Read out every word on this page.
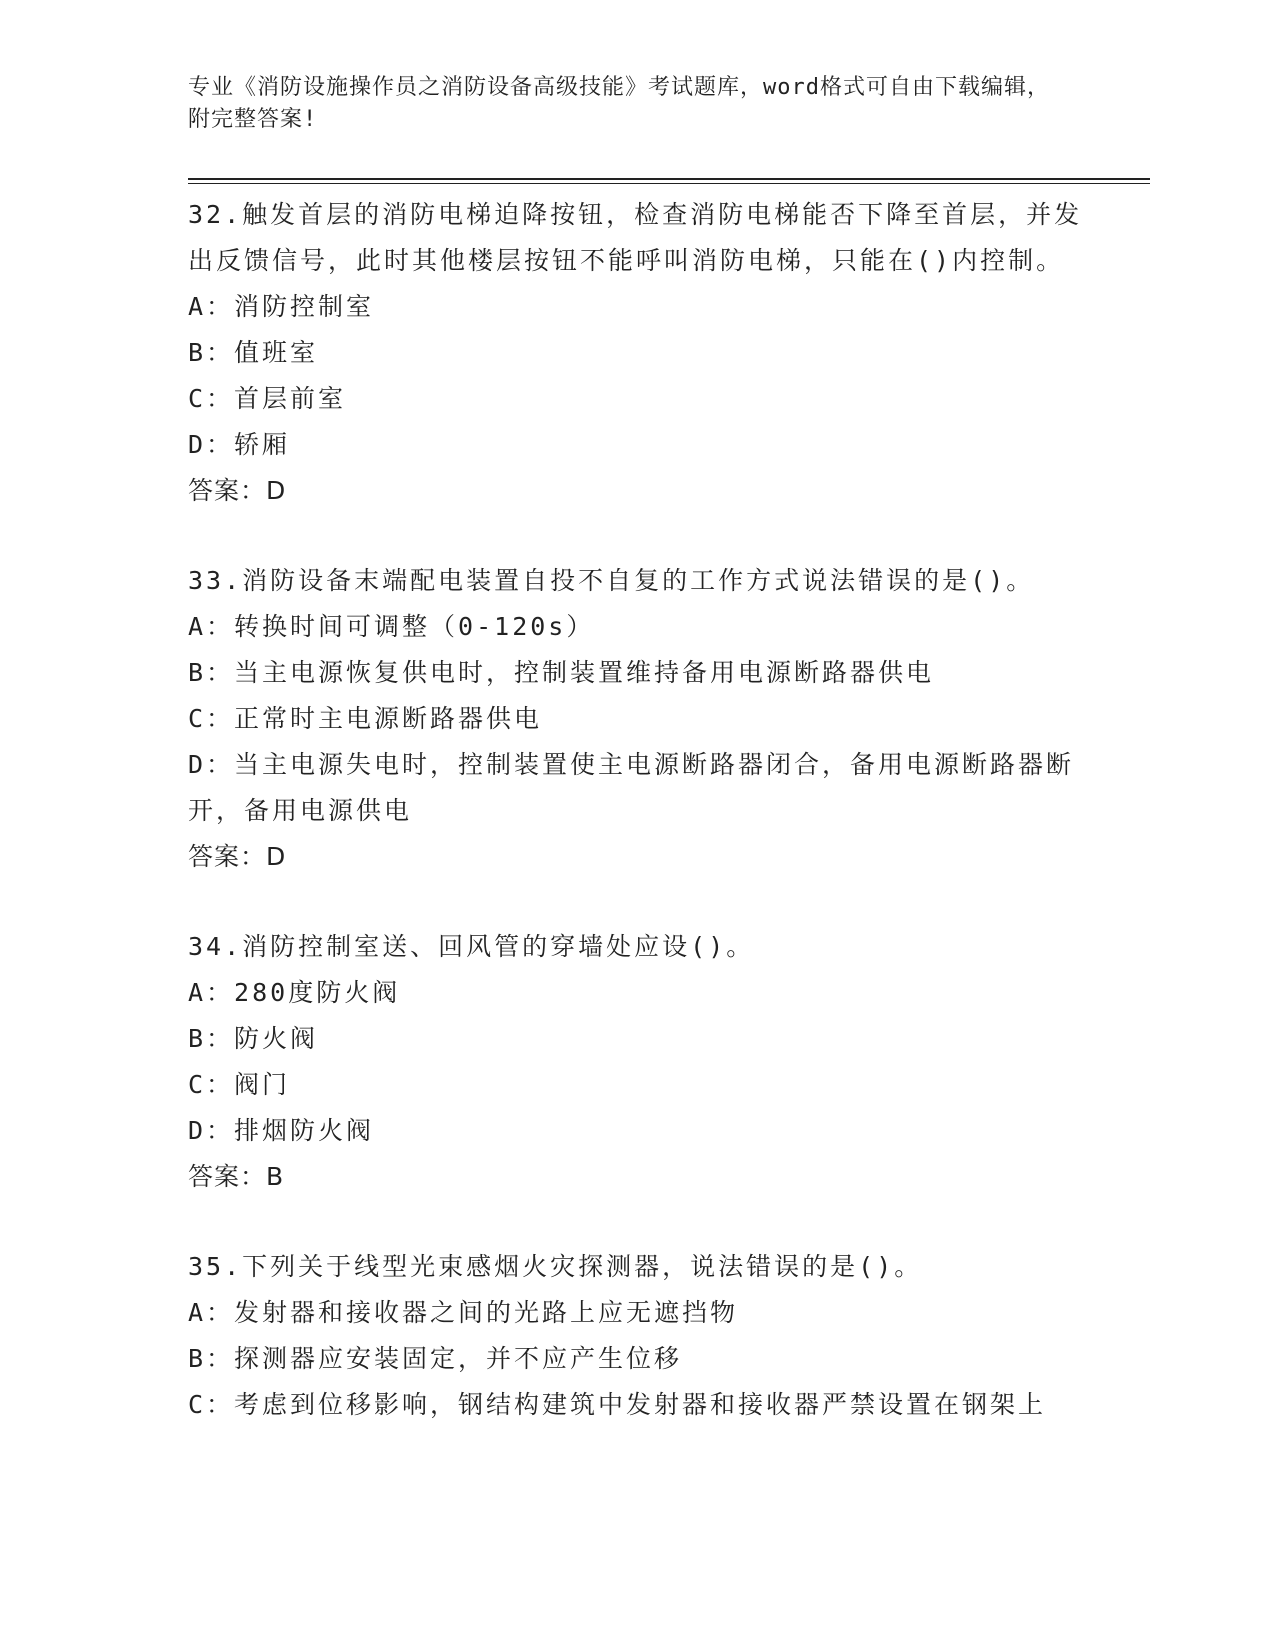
专业《消防设施操作员之消防设备高级技能》考试题库，word格式可自由下载编辑，附完整答案!

32.触发首层的消防电梯迫降按钮，检查消防电梯能否下降至首层，并发出反馈信号，此时其他楼层按钮不能呼叫消防电梯，只能在()内控制。

A：消防控制室

B：值班室

C：首层前室

D：轿厢

答案：D

33.消防设备末端配电装置自投不自复的工作方式说法错误的是()。

A：转换时间可调整（0-120s）

B：当主电源恢复供电时，控制装置维持备用电源断路器供电

C：正常时主电源断路器供电

D：当主电源失电时，控制装置使主电源断路器闭合，备用电源断路器断开，备用电源供电

答案：D

34.消防控制室送、回风管的穿墙处应设()。

A：280度防火阀

B：防火阀

C：阀门

D：排烟防火阀

答案：B

35.下列关于线型光束感烟火灾探测器，说法错误的是()。

A：发射器和接收器之间的光路上应无遮挡物

B：探测器应安装固定，并不应产生位移

C：考虑到位移影响，钢结构建筑中发射器和接收器严禁设置在钢架上
